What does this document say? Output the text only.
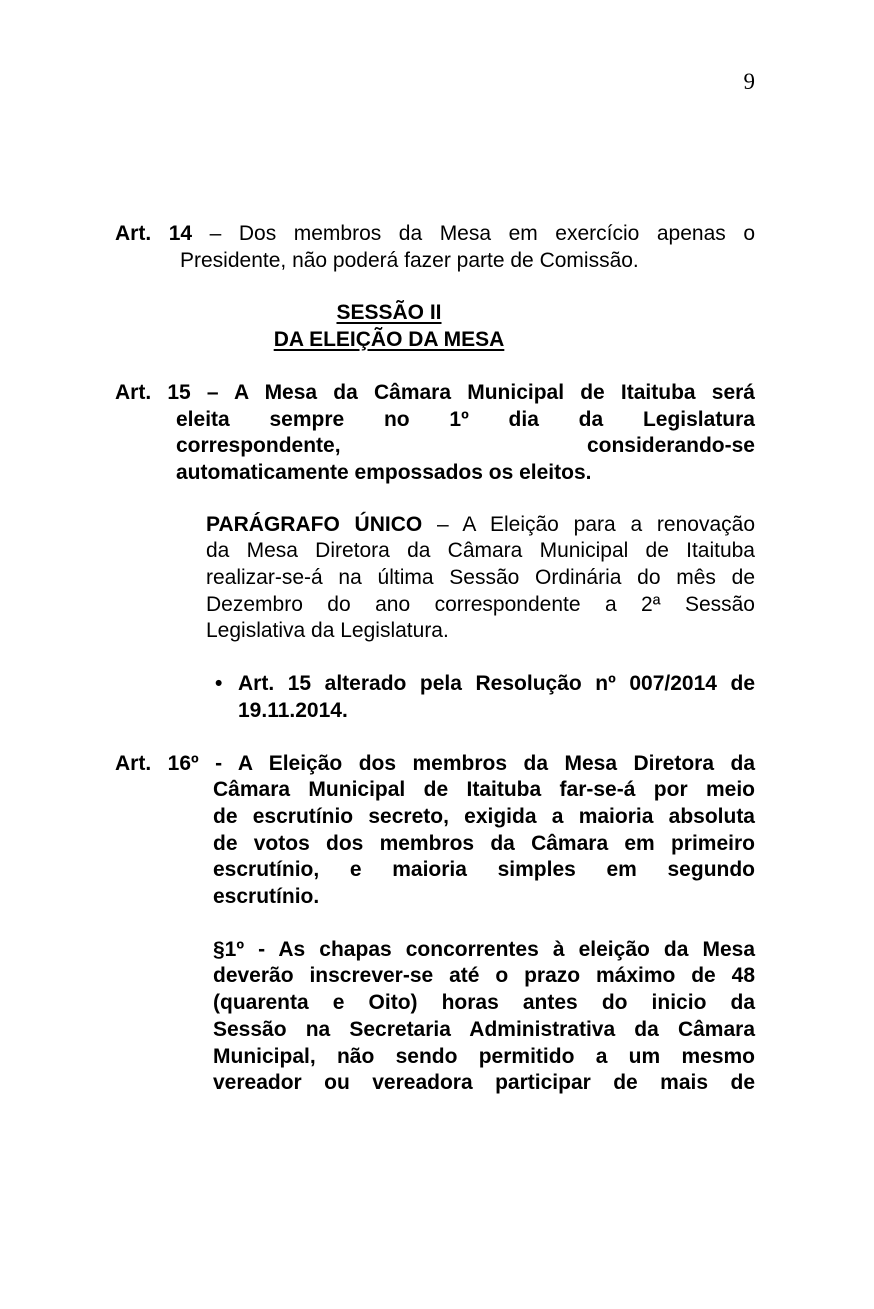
9
Art. 14 – Dos membros da Mesa em exercício apenas o
Presidente, não poderá fazer parte de Comissão.
SESSÃO II
DA ELEIÇÃO DA MESA
Art. 15 – A Mesa da Câmara Municipal de Itaituba será
eleita sempre no 1º dia da Legislatura
correspondente, considerando-se
automaticamente empossados os eleitos.
PARÁGRAFO ÚNICO – A Eleição para a renovação
da Mesa Diretora da Câmara Municipal de Itaituba
realizar-se-á na última Sessão Ordinária do mês de
Dezembro do ano correspondente a 2ª Sessão
Legislativa da Legislatura.
• Art. 15 alterado pela Resolução nº 007/2014 de
19.11.2014.
Art. 16º - A Eleição dos membros da Mesa Diretora da
Câmara Municipal de Itaituba far-se-á por meio
de escrutínio secreto, exigida a maioria absoluta
de votos dos membros da Câmara em primeiro
escrutínio, e maioria simples em segundo
escrutínio.
§1º - As chapas concorrentes à eleição da Mesa
deverão inscrever-se até o prazo máximo de 48
(quarenta e Oito) horas antes do inicio da
Sessão na Secretaria Administrativa da Câmara
Municipal, não sendo permitido a um mesmo
vereador ou vereadora participar de mais de
